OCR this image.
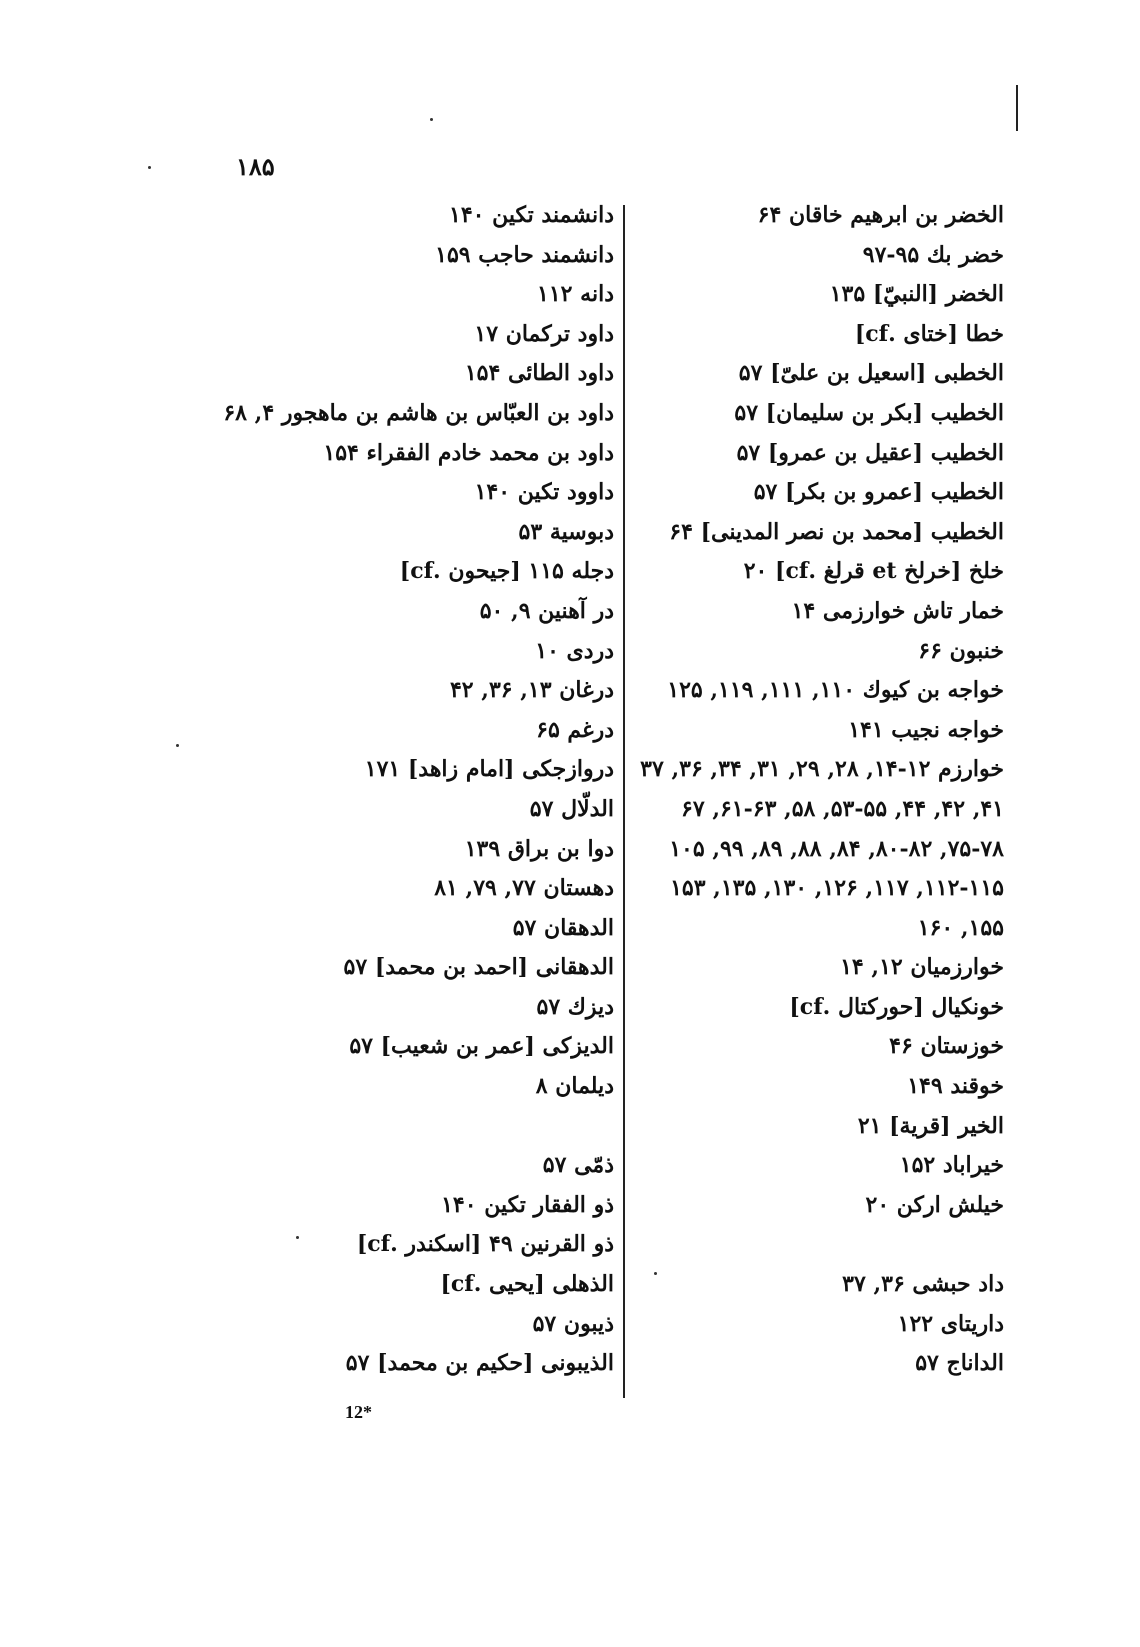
۱۸۵
الخضر بن ابرهيم خاقان ۶۴
خضر بك ۹۵-۹۷
الخضر [النبيّ] ۱۳۵
خطا [ختاى .cf]
الخطبى [اسعيل بن علىّ] ۵۷
الخطيب [بكر بن سليمان] ۵۷
الخطيب [عقيل بن عمرو] ۵۷
الخطيب [عمرو بن بكر] ۵۷
الخطيب [محمد بن نصر المدينى] ۶۴
خلخ [خرلخ et قرلغ .cf] ۲۰
خمار تاش خوارزمى ۱۴
خنبون ۶۶
خواجه بن كيوك ۱۱۰, ۱۱۱, ۱۱۹, ۱۲۵
خواجه نجيب ۱۴۱
خوارزم ۱۲-۱۴, ۲۸, ۲۹, ۳۱, ۳۴, ۳۶, ۳۷
۴۱, ۴۲, ۴۴, ۵۳-۵۵, ۵۸, ۶۱-۶۳, ۶۷
۷۵-۷۸, ۸۰-۸۲, ۸۴, ۸۸, ۸۹, ۹۹, ۱۰۵
۱۱۲-۱۱۵, ۱۱۷, ۱۲۶, ۱۳۰, ۱۳۵, ۱۵۳
۱۵۵, ۱۶۰
خوارزميان ۱۲, ۱۴
خونكيال [حوركتال .cf]
خوزستان ۴۶
خوقند ۱۴۹
الخير [قرية] ۲۱
خيراباد ۱۵۲
خيلش اركن ۲۰
داد حبشى ۳۶, ۳۷
داريتاى ۱۲۲
الداناج ۵۷
دانشمند تكين ۱۴۰
دانشمند حاجب ۱۵۹
دانه ۱۱۲
داود تركمان ۱۷
داود الطائى ۱۵۴
داود بن العبّاس بن هاشم بن ماهجور ۴, ۶۸
داود بن محمد خادم الفقراء ۱۵۴
داوود تكين ۱۴۰
دبوسية ۵۳
دجله ۱۱۵ [جيحون .cf]
در آهنين ۹, ۵۰
دردى ۱۰
درغان ۱۳, ۳۶, ۴۲
درغم ۶۵
دروازجكى [امام زاهد] ۱۷۱
الدلّال ۵۷
دوا بن براق ۱۳۹
دهستان ۷۷, ۷۹, ۸۱
الدهقان ۵۷
الدهقانى [احمد بن محمد] ۵۷
ديزك ۵۷
الديزكى [عمر بن شعيب] ۵۷
ديلمان ۸
ذمّى ۵۷
ذو الفقار تكين ۱۴۰
ذو القرنين ۴۹ [اسكندر .cf]
الذهلى [يحيى .cf]
ذيبون ۵۷
الذيبونى [حكيم بن محمد] ۵۷
12*
